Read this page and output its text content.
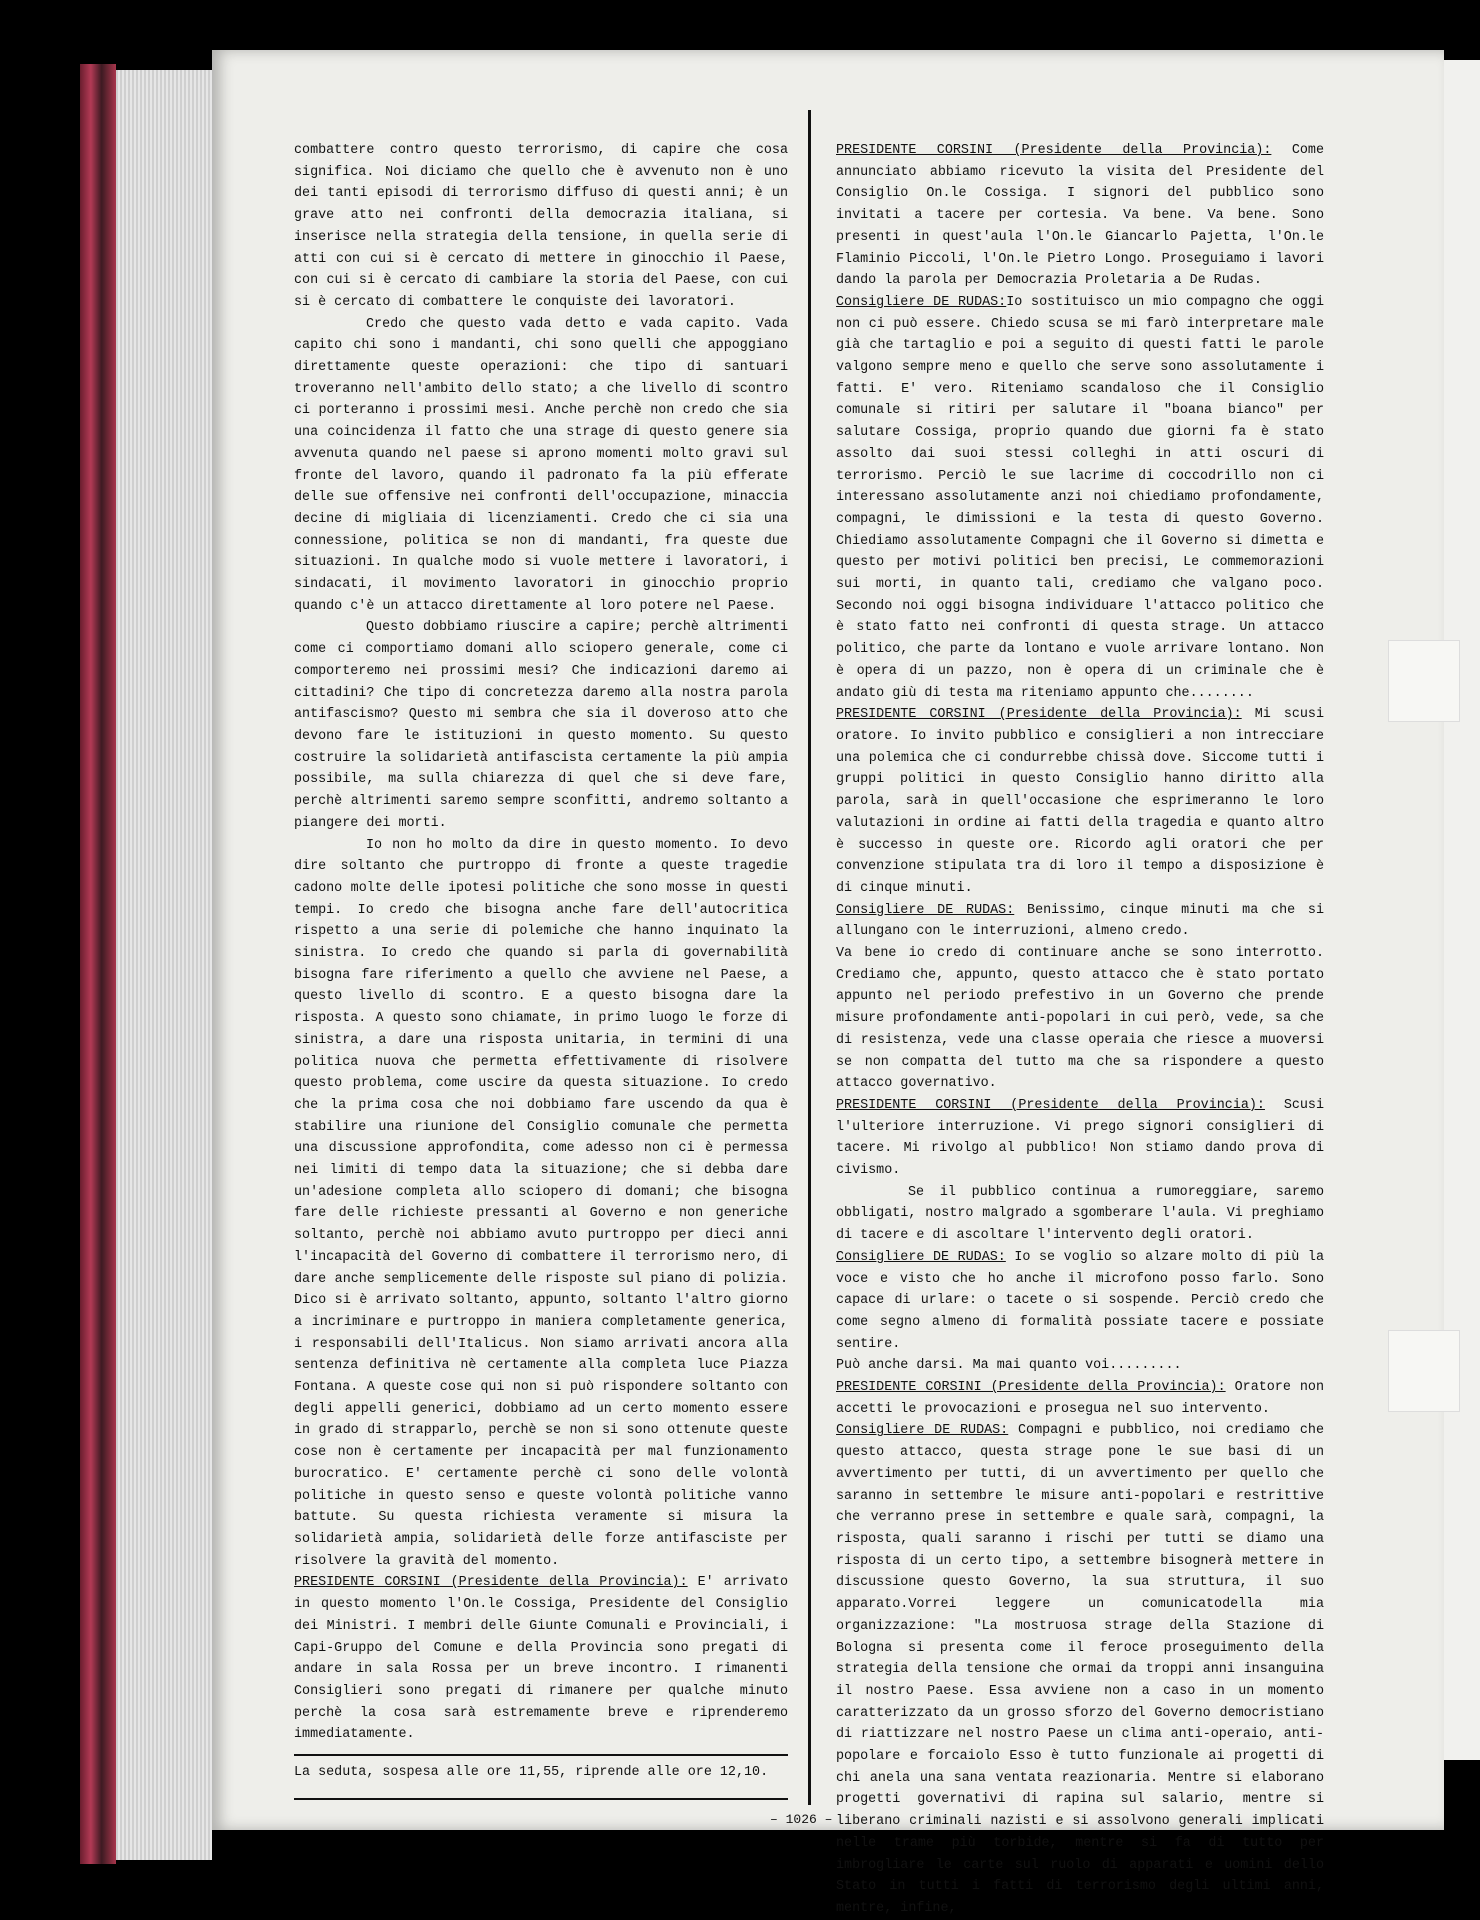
combattere contro questo terrorismo, di capire che cosa significa. Noi diciamo che quello che è avvenuto non è uno dei tanti episodi di terrorismo diffuso di questi anni; è un grave atto nei confronti della democrazia italiana, si inserisce nella strategia della tensione, in quella serie di atti con cui si è cercato di mettere in ginocchio il Paese, con cui si è cercato di cambiare la storia del Paese, con cui si è cercato di combattere le conquiste dei lavoratori.

Credo che questo vada detto e vada capito. Vada capito chi sono i mandanti, chi sono quelli che appoggiano direttamente queste operazioni: che tipo di santuari troveranno nell'ambito dello stato; a che livello di scontro ci porteranno i prossimi mesi. Anche perchè non credo che sia una coincidenza il fatto che una strage di questo genere sia avvenuta quando nel paese si aprono momenti molto gravi sul fronte del lavoro, quando il padronato fa la più efferate delle sue offensive nei confronti dell'occupazione, minaccia decine di migliaia di licenziamenti. Credo che ci sia una connessione, politica se non di mandanti, fra queste due situazioni. In qualche modo si vuole mettere i lavoratori, i sindacati, il movimento lavoratori in ginocchio proprio quando c'è un attacco direttamente al loro potere nel Paese.

Questo dobbiamo riuscire a capire; perchè altrimenti come ci comportiamo domani allo sciopero generale, come ci comporteremo nei prossimi mesi? Che indicazioni daremo ai cittadini? Che tipo di concretezza daremo alla nostra parola antifascismo? Questo mi sembra che sia il doveroso atto che devono fare le istituzioni in questo momento. Su questo costruire la solidarietà antifascista certamente la più ampia possibile, ma sulla chiarezza di quel che si deve fare, perchè altrimenti saremo sempre sconfitti, andremo soltanto a piangere dei morti.

Io non ho molto da dire in questo momento. Io devo dire soltanto che purtroppo di fronte a queste tragedie cadono molte delle ipotesi politiche che sono mosse in questi tempi. Io credo che bisogna anche fare dell'autocritica rispetto a una serie di polemiche che hanno inquinato la sinistra. Io credo che quando si parla di governabilità bisogna fare riferimento a quello che avviene nel Paese, a questo livello di scontro. E a questo bisogna dare la risposta. A questo sono chiamate, in primo luogo le forze di sinistra, a dare una risposta unitaria, in termini di una politica nuova che permetta effettivamente di risolvere questo problema, come uscire da questa situazione. Io credo che la prima cosa che noi dobbiamo fare uscendo da qua è stabilire una riunione del Consiglio comunale che permetta una discussione approfondita, come adesso non ci è permessa nei limiti di tempo data la situazione; che si debba dare un'adesione completa allo sciopero di domani; che bisogna fare delle richieste pressanti al Governo e non generiche soltanto, perchè noi abbiamo avuto purtroppo per dieci anni l'incapacità del Governo di combattere il terrorismo nero, di dare anche semplicemente delle risposte sul piano di polizia. Dico si è arrivato soltanto, appunto, soltanto l'altro giorno a incriminare e purtroppo in maniera completamente generica, i responsabili dell'Italicus. Non siamo arrivati ancora alla sentenza definitiva nè certamente alla completa luce Piazza Fontana. A queste cose qui non si può rispondere soltanto con degli appelli generici, dobbiamo ad un certo momento essere in grado di strapparlo, perchè se non si sono ottenute queste cose non è certamente per incapacità per mal funzionamento burocratico. E' certamente perchè ci sono delle volontà politiche in questo senso e queste volontà politiche vanno battute. Su questa richiesta veramente si misura la solidarietà ampia, solidarietà delle forze antifasciste per risolvere la gravità del momento.

PRESIDENTE CORSINI (Presidente della Provincia): E' arrivato in questo momento l'On.le Cossiga, Presidente del Consiglio dei Ministri. I membri delle Giunte Comunali e Provinciali, i Capi-Gruppo del Comune e della Provincia sono pregati di andare in sala Rossa per un breve incontro. I rimanenti Consiglieri sono pregati di rimanere per qualche minuto perchè la cosa sarà estremamente breve e riprenderemo immediatamente.

La seduta, sospesa alle ore 11,55, riprende alle ore 12,10.

PRESIDENTE CORSINI (Presidente della Provincia): Come annunciato abbiamo ricevuto la visita del Presidente del Consiglio On.le Cossiga. I signori del pubblico sono invitati a tacere per cortesia. Va bene. Va bene. Sono presenti in quest'aula l'On.le Giancarlo Pajetta, l'On.le Flaminio Piccoli, l'On.le Pietro Longo. Proseguiamo i lavori dando la parola per Democrazia Proletaria a De Rudas.

Consigliere DE RUDAS:Io sostituisco un mio compagno che oggi non ci può essere. Chiedo scusa se mi farò interpretare male già che tartaglio e poi a seguito di questi fatti le parole valgono sempre meno e quello che serve sono assolutamente i fatti. E' vero. Riteniamo scandaloso che il Consiglio comunale si ritiri per salutare il "boana bianco" per salutare Cossiga, proprio quando due giorni fa è stato assolto dai suoi stessi colleghi in atti oscuri di terrorismo. Perciò le sue lacrime di coccodrillo non ci interessano assolutamente anzi noi chiediamo profondamente, compagni, le dimissioni e la testa di questo Governo. Chiediamo assolutamente Compagni che il Governo si dimetta e questo per motivi politici ben precisi, Le commemorazioni sui morti, in quanto tali, crediamo che valgano poco. Secondo noi oggi bisogna individuare l'attacco politico che è stato fatto nei confronti di questa strage. Un attacco politico, che parte da lontano e vuole arrivare lontano. Non è opera di un pazzo, non è opera di un criminale che è andato giù di testa ma riteniamo appunto che........

PRESIDENTE CORSINI (Presidente della Provincia): Mi scusi oratore. Io invito pubblico e consiglieri a non intrecciare una polemica che ci condurrebbe chissà dove. Siccome tutti i gruppi politici in questo Consiglio hanno diritto alla parola, sarà in quell'occasione che esprimeranno le loro valutazioni in ordine ai fatti della tragedia e quanto altro è successo in queste ore. Ricordo agli oratori che per convenzione stipulata tra di loro il tempo a disposizione è di cinque minuti.

Consigliere DE RUDAS: Benissimo, cinque minuti ma che si allungano con le interruzioni, almeno credo.

Va bene io credo di continuare anche se sono interrotto. Crediamo che, appunto, questo attacco che è stato portato appunto nel periodo prefestivo in un Governo che prende misure profondamente anti-popolari in cui però, vede, sa che di resistenza, vede una classe operaia che riesce a muoversi se non compatta del tutto ma che sa rispondere a questo attacco governativo.

PRESIDENTE CORSINI (Presidente della Provincia): Scusi l'ulteriore interruzione. Vi prego signori consiglieri di tacere. Mi rivolgo al pubblico! Non stiamo dando prova di civismo.

Se il pubblico continua a rumoreggiare, saremo obbligati, nostro malgrado a sgomberare l'aula. Vi preghiamo di tacere e di ascoltare l'intervento degli oratori.

Consigliere DE RUDAS: Io se voglio so alzare molto di più la voce e visto che ho anche il microfono posso farlo. Sono capace di urlare: o tacete o si sospende. Perciò credo che come segno almeno di formalità possiate tacere e possiate sentire.

Può anche darsi. Ma mai quanto voi.........

PRESIDENTE CORSINI (Presidente della Provincia): Oratore non accetti le provocazioni e prosegua nel suo intervento.

Consigliere DE RUDAS: Compagni e pubblico, noi crediamo che questo attacco, questa strage pone le sue basi di un avvertimento per tutti, di un avvertimento per quello che saranno in settembre le misure anti-popolari e restrittive che verranno prese in settembre e quale sarà, compagni, la risposta, quali saranno i rischi per tutti se diamo una risposta di un certo tipo, a settembre bisognerà mettere in discussione questo Governo, la sua struttura, il suo apparato.Vorrei leggere un comunicatodella mia organizzazione: "La mostruosa strage della Stazione di Bologna si presenta come il feroce proseguimento della strategia della tensione che ormai da troppi anni insanguina il nostro Paese. Essa avviene non a caso in un momento caratterizzato da un grosso sforzo del Governo democristiano di riattizzare nel nostro Paese un clima anti-operaio, anti-popolare e forcaiolo Esso è tutto funzionale ai progetti di chi anela una sana ventata reazionaria. Mentre si elaborano progetti governativi di rapina sul salario, mentre si liberano criminali nazisti e si assolvono generali implicati nelle trame più torbide, mentre si fa di tutto per imbrogliare le carte sul ruolo di apparati e uomini dello Stato in tutti i fatti di terrorismo degli ultimi anni, mentre, infine,

– 1026 –
